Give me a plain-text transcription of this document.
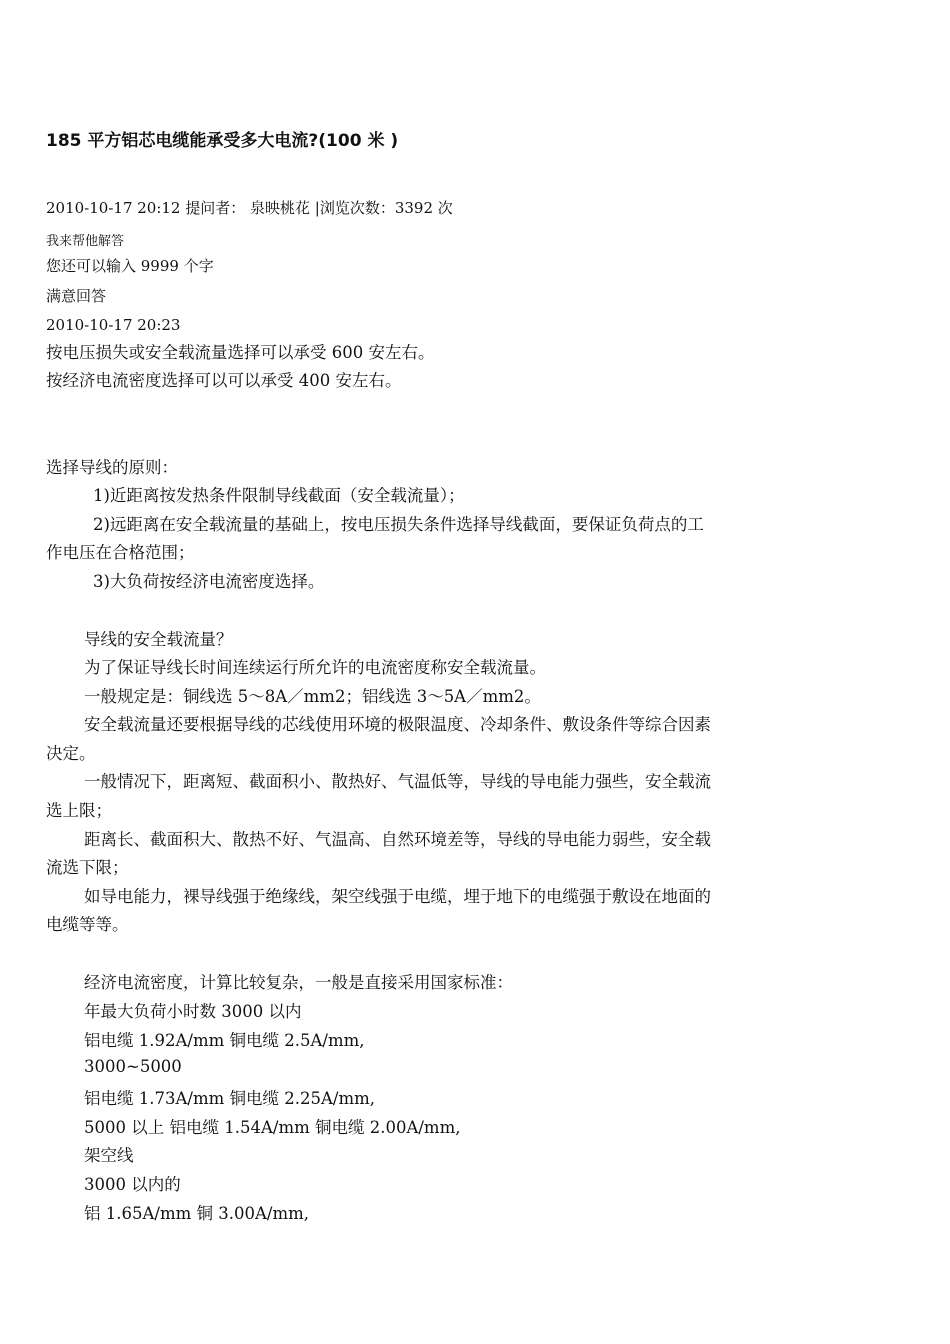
185 平方铝芯电缆能承受多大电流?(100 米 )
2010-10-17 20:12 提问者： 泉映桃花 |浏览次数：3392 次
我来帮他解答
您还可以输入 9999 个字
满意回答
2010-10-17 20:23
按电压损失或安全载流量选择可以承受 600 安左右。
按经济电流密度选择可以可以承受 400 安左右。
选择导线的原则：
1)近距离按发热条件限制导线截面（安全载流量）；
2)远距离在安全载流量的基础上，按电压损失条件选择导线截面，要保证负荷点的工
作电压在合格范围；
3)大负荷按经济电流密度选择。
导线的安全载流量？
为了保证导线长时间连续运行所允许的电流密度称安全载流量。
一般规定是：铜线选 5～8A／mm2；铝线选 3～5A／mm2。
安全载流量还要根据导线的芯线使用环境的极限温度、冷却条件、敷设条件等综合因素
决定。
一般情况下，距离短、截面积小、散热好、气温低等，导线的导电能力强些，安全载流
选上限；
距离长、截面积大、散热不好、气温高、自然环境差等，导线的导电能力弱些，安全载
流选下限；
如导电能力，裸导线强于绝缘线，架空线强于电缆，埋于地下的电缆强于敷设在地面的
电缆等等。
经济电流密度，计算比较复杂，一般是直接采用国家标准：
年最大负荷小时数 3000 以内
铝电缆 1.92A/mm 铜电缆 2.5A/mm,
3000~5000
铝电缆 1.73A/mm 铜电缆 2.25A/mm,
5000 以上 铝电缆 1.54A/mm 铜电缆 2.00A/mm,
架空线
3000 以内的
铝 1.65A/mm 铜 3.00A/mm,
